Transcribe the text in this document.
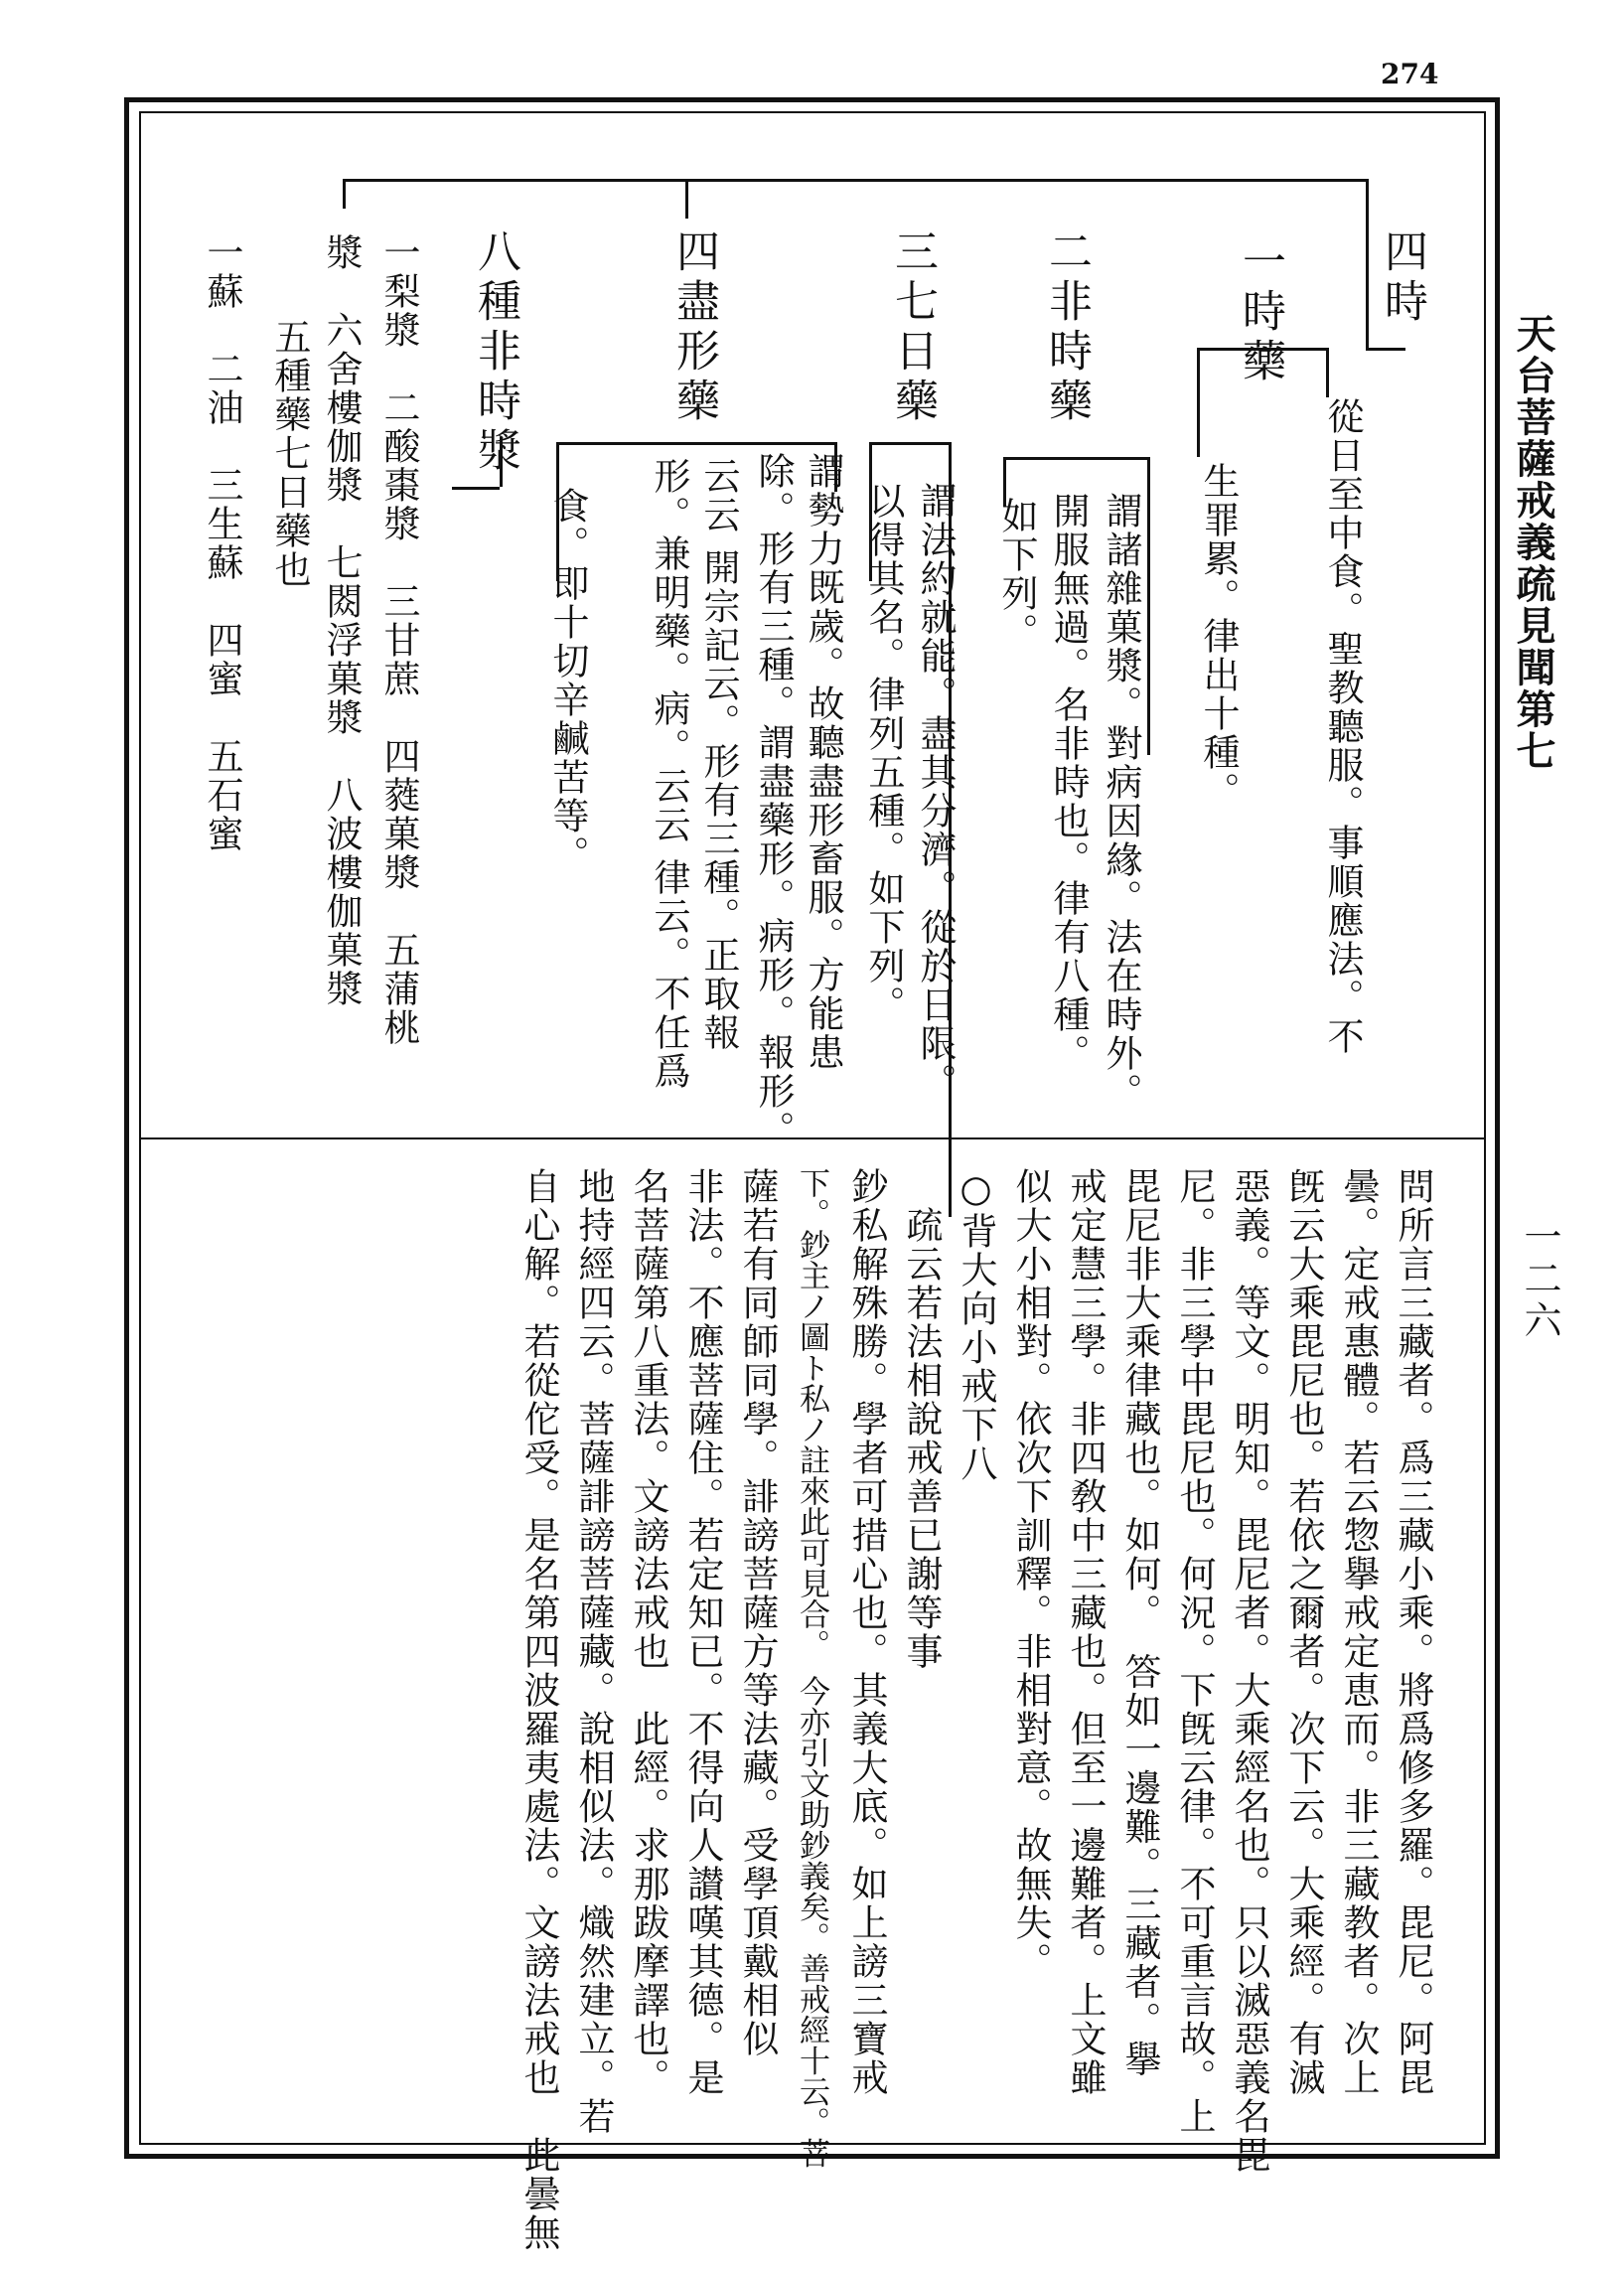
274
天台菩薩戒義疏見聞第七
一二六
四時
一時藥
從日至中食。聖教聽服。事順應法。不
生罪累。律出十種。
二非時藥
謂諸雜菓漿。對病因緣。法在時外。
開服無過。名非時也。律有八種。
如下列。
三七日藥
謂法約就能。盡其分濟。從於日限。
以得其名。律列五種。如下列。
四盡形藥
謂勢力既歲。故聽盡形畜服。方能患
除。形有三種。謂盡藥形。病形。報形。
云云 開宗記云。形有三種。正取報
形。兼明藥。病。云云 律云。不任爲
食。即十切辛鹹苦等。
八種非時漿
一梨漿　二酸棗漿　三甘蔗　四蕤菓漿　五蒲桃
漿　六舍樓伽漿　七閦浮菓漿　八波樓伽菓漿
五種藥七日藥也
一蘇　二油　三生蘇　四蜜　五石蜜
問所言三藏者。爲三藏小乘。將爲修多羅。毘尼。阿毘
曇。定戒惠體。若云惣擧戒定恵而。非三藏教者。次上
旣云大乘毘尼也。若依之爾者。次下云。大乘經。有滅
惡義。等文。明知。毘尼者。大乘經名也。只以滅惡義名毘
尼。非三學中毘尼也。何況。下旣云律。不可重言故。上
毘尼非大乘律藏也。如何。　答如一邊難。三藏者。擧
戒定慧三學。非四敎中三藏也。但至一邊難者。上文雖
似大小相對。依次下訓釋。非相對意。故無失。
○背大向小戒下八
　疏云若法相說戒善已謝等事
鈔私解殊勝。學者可措心也。其義大底。如上謗三寶戒
下。鈔主ノ圖ト私ノ註來此可見合。　今亦引文助鈔義矣。善戒經十云。菩
薩若有同師同學。誹謗菩薩方等法藏。受學頂戴相似
非法。不應菩薩住。若定知已。不得向人讃嘆其德。是
名菩薩第八重法。文謗法戒也　此經。求那跋摩譯也。
地持經四云。菩薩誹謗菩薩藏。說相似法。熾然建立。若
自心解。若從佗受。是名第四波羅夷處法。文謗法戒也　此曇無
